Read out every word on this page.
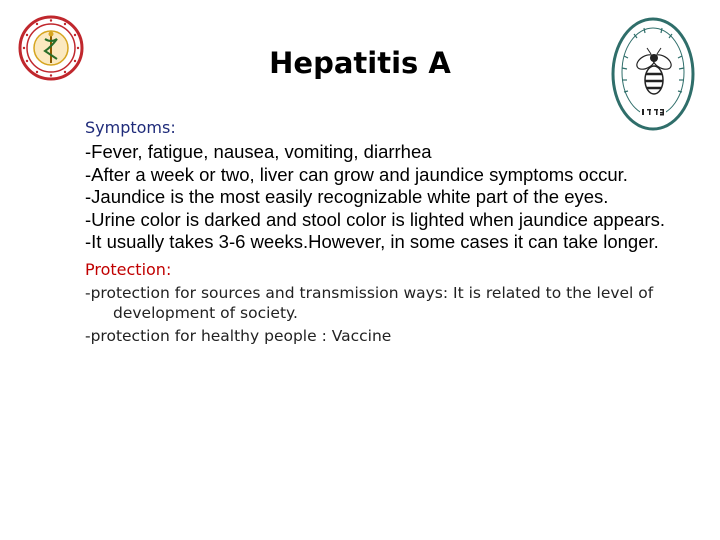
Hepatitis A
Symptoms:
-Fever, fatigue, nausea, vomiting, diarrhea
-After a week or two, liver can grow and jaundice symptoms occur.
-Jaundice is the most easily recognizable white part of the eyes.
-Urine color is darked and stool color is lighted when jaundice appears.
-It usually takes 3-6 weeks.However, in some cases it can take longer.
Protection:
-protection for sources and transmission ways: It is related to the level of development of society.
-protection for healthy people : Vaccine
